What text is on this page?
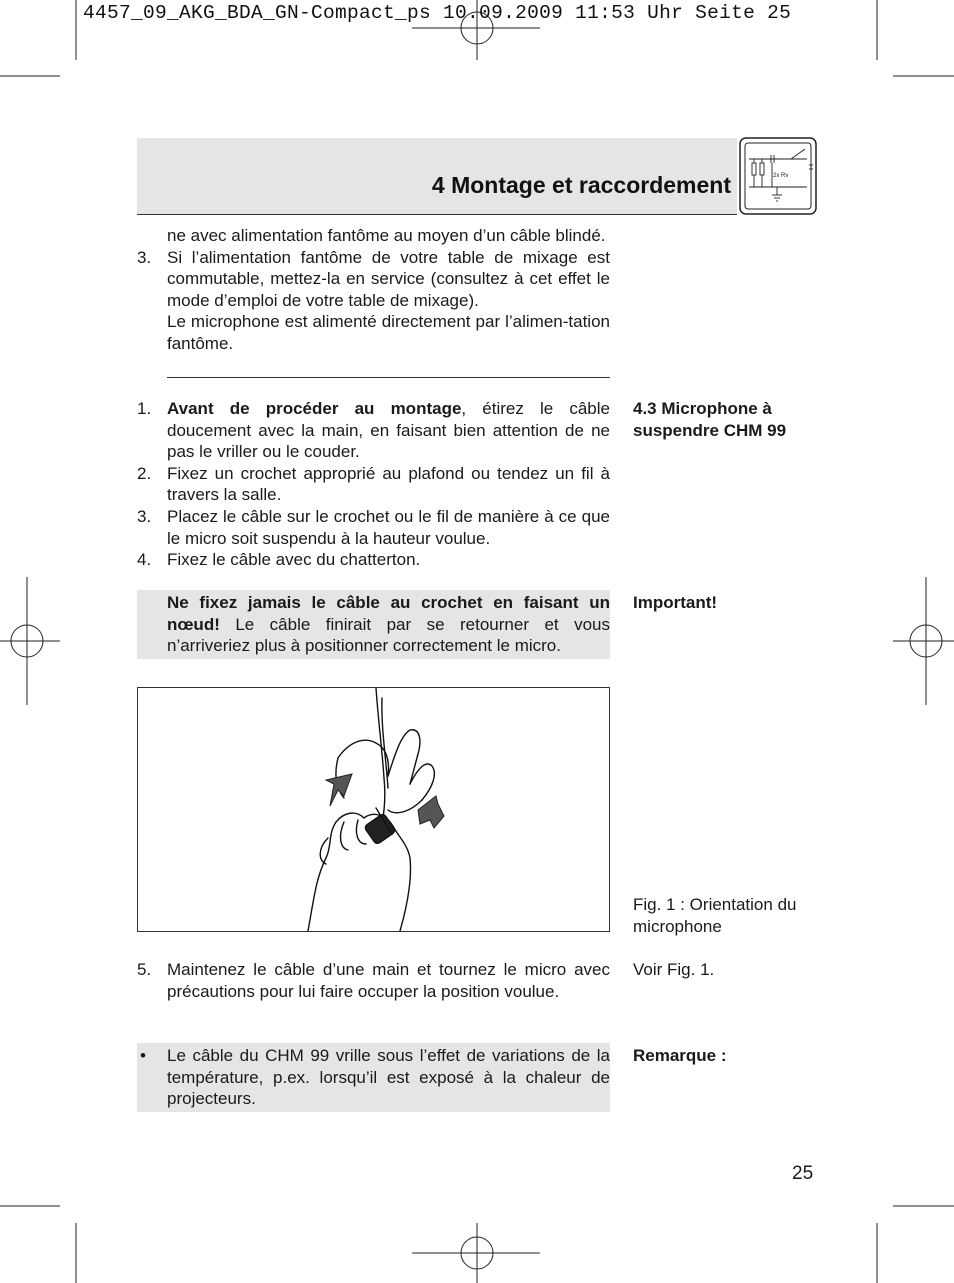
4457_09_AKG_BDA_GN-Compact_ps 10.09.2009 11:53 Uhr Seite 25
4 Montage et raccordement	2x Rv
ne avec alimentation fantôme au moyen d’un câble blindé.
3. Si l’alimentation fantôme de votre table de mixage est commutable, mettez-la en service (consultez à cet effet le mode d’emploi de votre table de mixage).
Le microphone est alimenté directement par l’alimen-tation fantôme.
4.3 Microphone à suspendre CHM 99
1. Avant de procéder au montage, étirez le câble doucement avec la main, en faisant bien attention de ne pas le vriller ou le couder.
2. Fixez un crochet approprié au plafond ou tendez un fil à travers la salle.
3. Placez le câble sur le crochet ou le fil de manière à ce que le micro soit suspendu à la hauteur voulue.
4. Fixez le câble avec du chatterton.
Important!
Ne fixez jamais le câble au crochet en faisant un nœud! Le câble finirait par se retourner et vous n’arriveriez plus à positionner correctement le micro.
Fig. 1 : Orientation du microphone
5. Maintenez le câble d’une main et tournez le micro avec précautions pour lui faire occuper la position voulue.
Voir Fig. 1.
Remarque :
• Le câble du CHM 99 vrille sous l’effet de variations de la température, p.ex. lorsqu’il est exposé à la chaleur de projecteurs.
25
